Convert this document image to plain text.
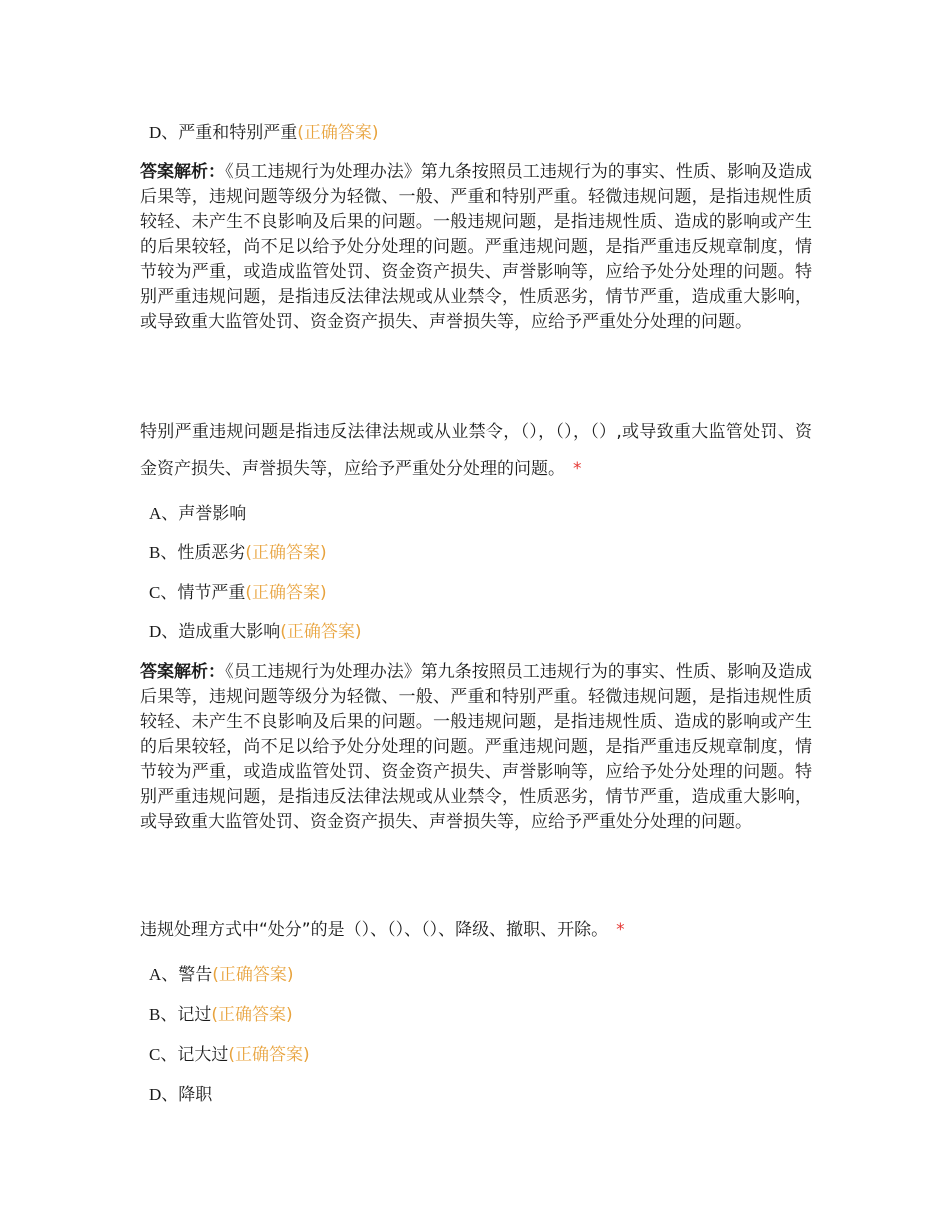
D、严重和特别严重(正确答案)
答案解析：《员工违规行为处理办法》第九条按照员工违规行为的事实、性质、影响及造成后果等，违规问题等级分为轻微、一般、严重和特别严重。轻微违规问题，是指违规性质较轻、未产生不良影响及后果的问题。一般违规问题，是指违规性质、造成的影响或产生的后果较轻，尚不足以给予处分处理的问题。严重违规问题，是指严重违反规章制度，情节较为严重，或造成监管处罚、资金资产损失、声誉影响等，应给予处分处理的问题。特别严重违规问题，是指违反法律法规或从业禁令，性质恶劣，情节严重，造成重大影响，或导致重大监管处罚、资金资产损失、声誉损失等，应给予严重处分处理的问题。
特别严重违规问题是指违反法律法规或从业禁令，（），（），（）,或导致重大监管处罚、资金资产损失、声誉损失等，应给予严重处分处理的问题。 *
A、声誉影响
B、性质恶劣(正确答案)
C、情节严重(正确答案)
D、造成重大影响(正确答案)
答案解析：《员工违规行为处理办法》第九条按照员工违规行为的事实、性质、影响及造成后果等，违规问题等级分为轻微、一般、严重和特别严重。轻微违规问题，是指违规性质较轻、未产生不良影响及后果的问题。一般违规问题，是指违规性质、造成的影响或产生的后果较轻，尚不足以给予处分处理的问题。严重违规问题，是指严重违反规章制度，情节较为严重，或造成监管处罚、资金资产损失、声誉影响等，应给予处分处理的问题。特别严重违规问题，是指违反法律法规或从业禁令，性质恶劣，情节严重，造成重大影响，或导致重大监管处罚、资金资产损失、声誉损失等，应给予严重处分处理的问题。
违规处理方式中“处分”的是（）、（）、（）、降级、撤职、开除。 *
A、警告(正确答案)
B、记过(正确答案)
C、记大过(正确答案)
D、降职
